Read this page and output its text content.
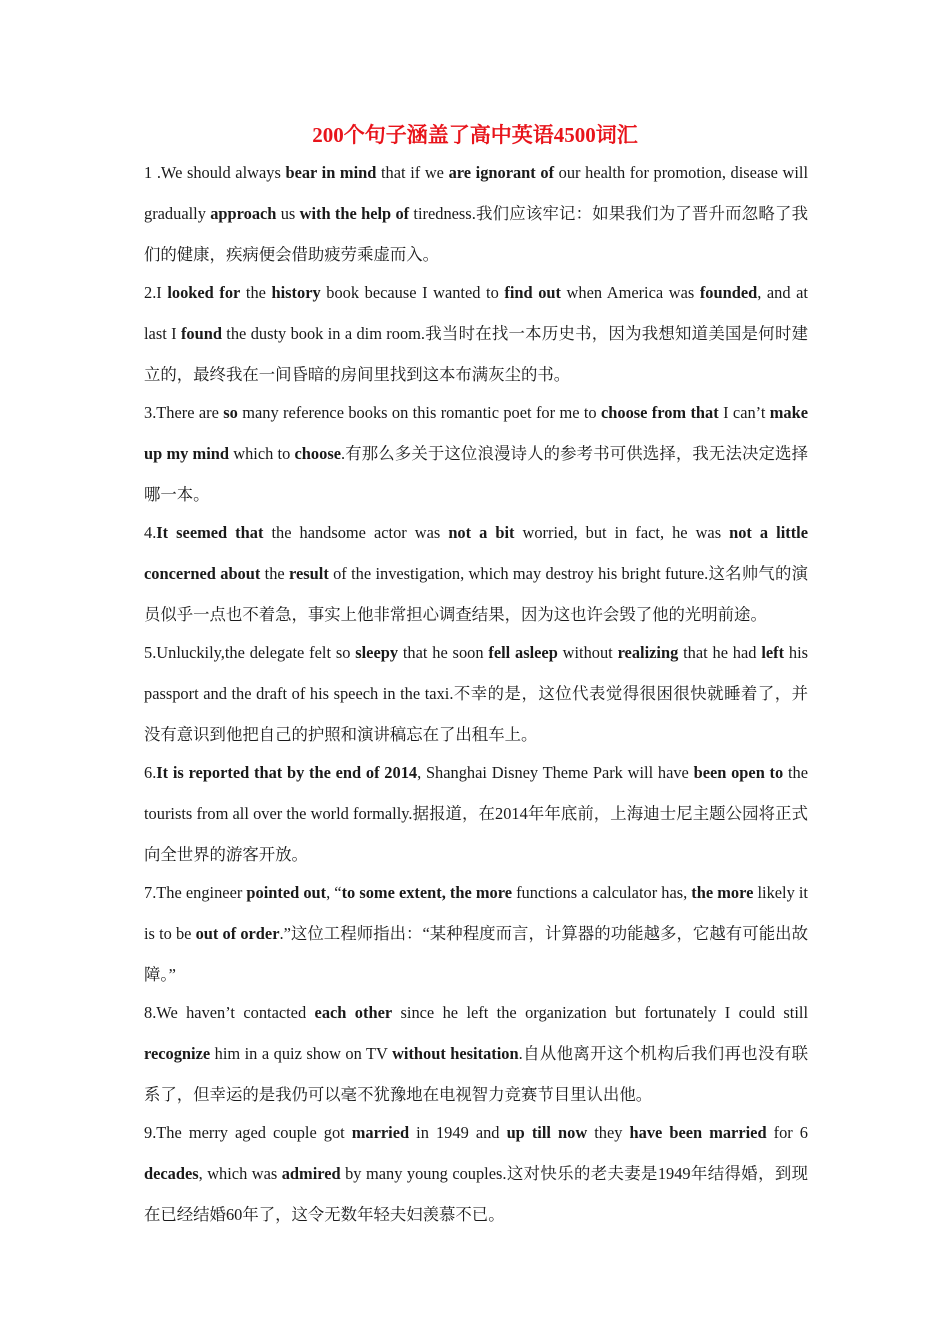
200个句子涵盖了高中英语4500词汇

1 .We should always bear in mind that if we are ignorant of our health for promotion, disease will gradually approach us with the help of tiredness.我们应该牢记：如果我们为了晋升而忽略了我们的健康，疾病便会借助疲劳乘虚而入。

2.I looked for the history book because I wanted to find out when America was founded, and at last I found the dusty book in a dim room.我当时在找一本历史书，因为我想知道美国是何时建立的，最终我在一间昏暗的房间里找到这本布满灰尘的书。

3.There are so many reference books on this romantic poet for me to choose from that I can’t make up my mind which to choose.有那么多关于这位浪漫诗人的参考书可供选择，我无法决定选择哪一本。

4.It seemed that the handsome actor was not a bit worried, but in fact, he was not a little concerned about the result of the investigation, which may destroy his bright future.这名帅气的演员似乎一点也不着急，事实上他非常担心调查结果，因为这也许会毁了他的光明前途。

5.Unluckily,the delegate felt so sleepy that he soon fell asleep without realizing that he had left his passport and the draft of his speech in the taxi.不幸的是，这位代表觉得很困很快就睡着了，并没有意识到他把自己的护照和演讲稿忘在了出租车上。

6.It is reported that by the end of 2014, Shanghai Disney Theme Park will have been open to the tourists from all over the world formally.据报道，在2014年年底前，上海迪士尼主题公园将正式向全世界的游客开放。

7.The engineer pointed out, “to some extent, the more functions a calculator has, the more likely it is to be out of order.”这位工程师指出：“某种程度而言，计算器的功能越多，它越有可能出故障。”

8.We haven’t contacted each other since he left the organization but fortunately I could still recognize him in a quiz show on TV without hesitation.自从他离开这个机构后我们再也没有联系了，但幸运的是我仍可以毫不犹豫地在电视智力竞赛节目里认出他。

9.The merry aged couple got married in 1949 and up till now they have been married for 6 decades, which was admired by many young couples.这对快乐的老夫妻是1949年结得婚，到现在已经结婚60年了，这令无数年轻夫妇羡慕不已。
